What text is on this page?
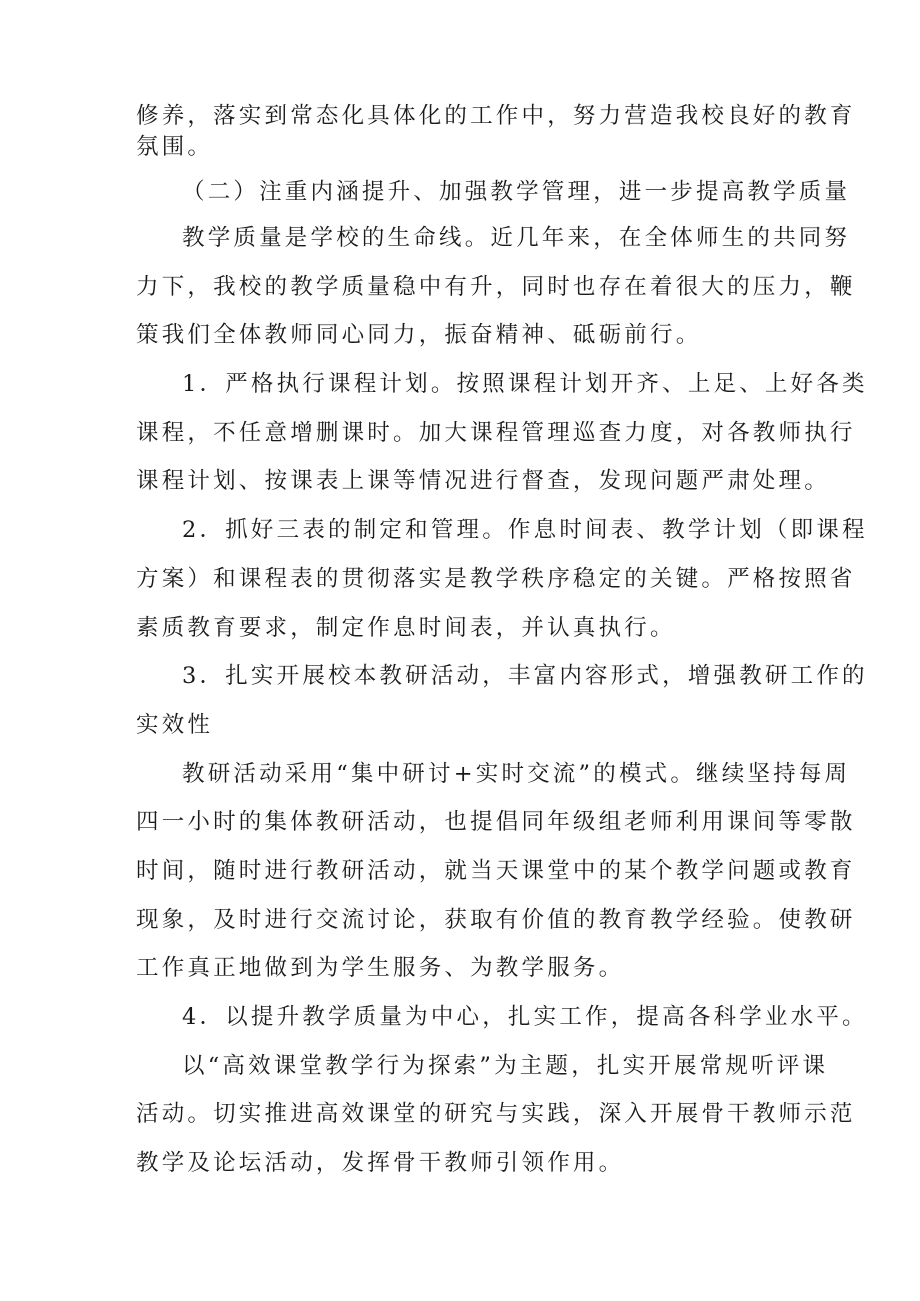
修养，落实到常态化具体化的工作中，努力营造我校良好的教育
氛围。
（二）注重内涵提升、加强教学管理，进一步提高教学质量
教学质量是学校的生命线。近几年来，在全体师生的共同努
力下，我校的教学质量稳中有升，同时也存在着很大的压力，鞭
策我们全体教师同心同力，振奋精神、砥砺前行。
1．严格执行课程计划。按照课程计划开齐、上足、上好各类
课程，不任意增删课时。加大课程管理巡查力度，对各教师执行
课程计划、按课表上课等情况进行督查，发现问题严肃处理。
2．抓好三表的制定和管理。作息时间表、教学计划（即课程
方案）和课程表的贯彻落实是教学秩序稳定的关键。严格按照省
素质教育要求，制定作息时间表，并认真执行。
3．扎实开展校本教研活动，丰富内容形式，增强教研工作的
实效性
教研活动采用“集中研讨+实时交流”的模式。继续坚持每周
四一小时的集体教研活动，也提倡同年级组老师利用课间等零散
时间，随时进行教研活动，就当天课堂中的某个教学问题或教育
现象，及时进行交流讨论，获取有价值的教育教学经验。使教研
工作真正地做到为学生服务、为教学服务。
4．以提升教学质量为中心，扎实工作，提高各科学业水平。
以“高效课堂教学行为探索”为主题，扎实开展常规听评课
活动。切实推进高效课堂的研究与实践，深入开展骨干教师示范
教学及论坛活动，发挥骨干教师引领作用。
